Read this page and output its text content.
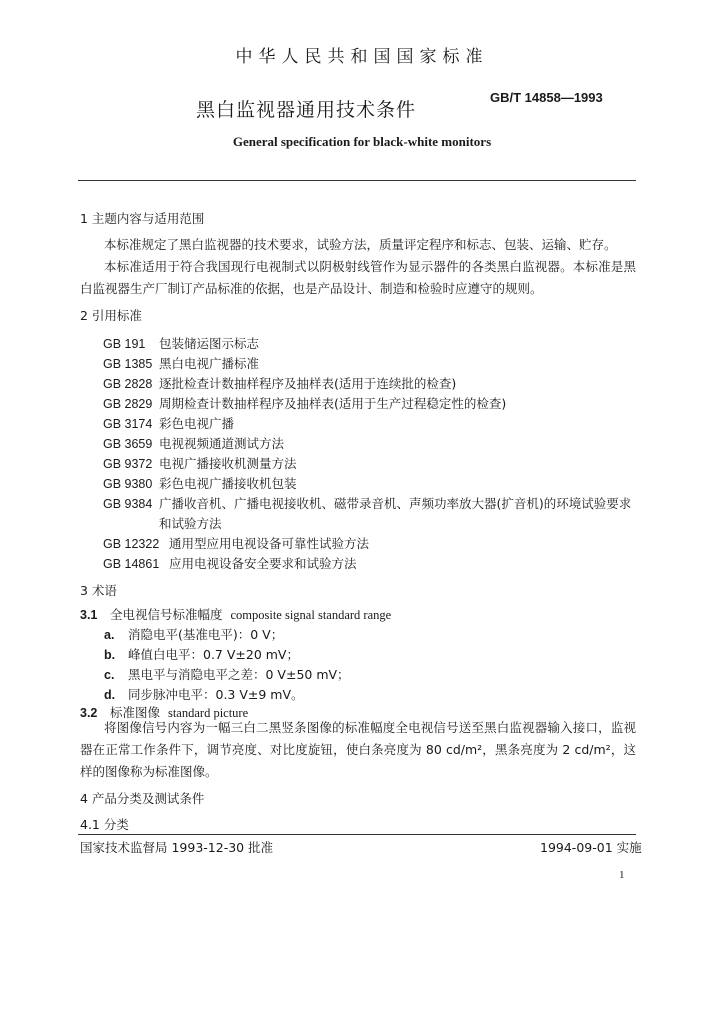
中华人民共和国国家标准
黑白监视器通用技术条件
GB/T 14858—1993
General specification for black-white monitors
1 主题内容与适用范围
本标准规定了黑白监视器的技术要求，试验方法，质量评定程序和标志、包装、运输、贮存。
本标准适用于符合我国现行电视制式以阴极射线管作为显示器件的各类黑白监视器。本标准是黑白监视器生产厂制订产品标准的依据，也是产品设计、制造和检验时应遵守的规则。
2 引用标准
GB 191 包装储运图示标志
GB 1385 黑白电视广播标准
GB 2828 逐批检查计数抽样程序及抽样表(适用于连续批的检查)
GB 2829 周期检查计数抽样程序及抽样表(适用于生产过程稳定性的检查)
GB 3174 彩色电视广播
GB 3659 电视视频通道测试方法
GB 9372 电视广播接收机测量方法
GB 9380 彩色电视广播接收机包装
GB 9384 广播收音机、广播电视接收机、磁带录音机、声频功率放大器(扩音机)的环境试验要求
和试验方法
GB 12322 通用型应用电视设备可靠性试验方法
GB 14861 应用电视设备安全要求和试验方法
3 术语
3.1 全电视信号标准幅度 composite signal standard range
a. 消隐电平(基准电平)：0 V；
b. 峰值白电平：0.7 V±20 mV；
c. 黑电平与消隐电平之差：0 V±50 mV；
d. 同步脉冲电平：0.3 V±9 mV。
3.2 标准图像 standard picture
将图像信号内容为一幅三白二黑竖条图像的标准幅度全电视信号送至黑白监视器输入接口，监视器在正常工作条件下，调节亮度、对比度旋钮，使白条亮度为 80 cd/m²，黑条亮度为 2 cd/m²，这样的图像称为标准图像。
4 产品分类及测试条件
4.1 分类
国家技术监督局 1993-12-30 批准	1994-09-01 实施
1
